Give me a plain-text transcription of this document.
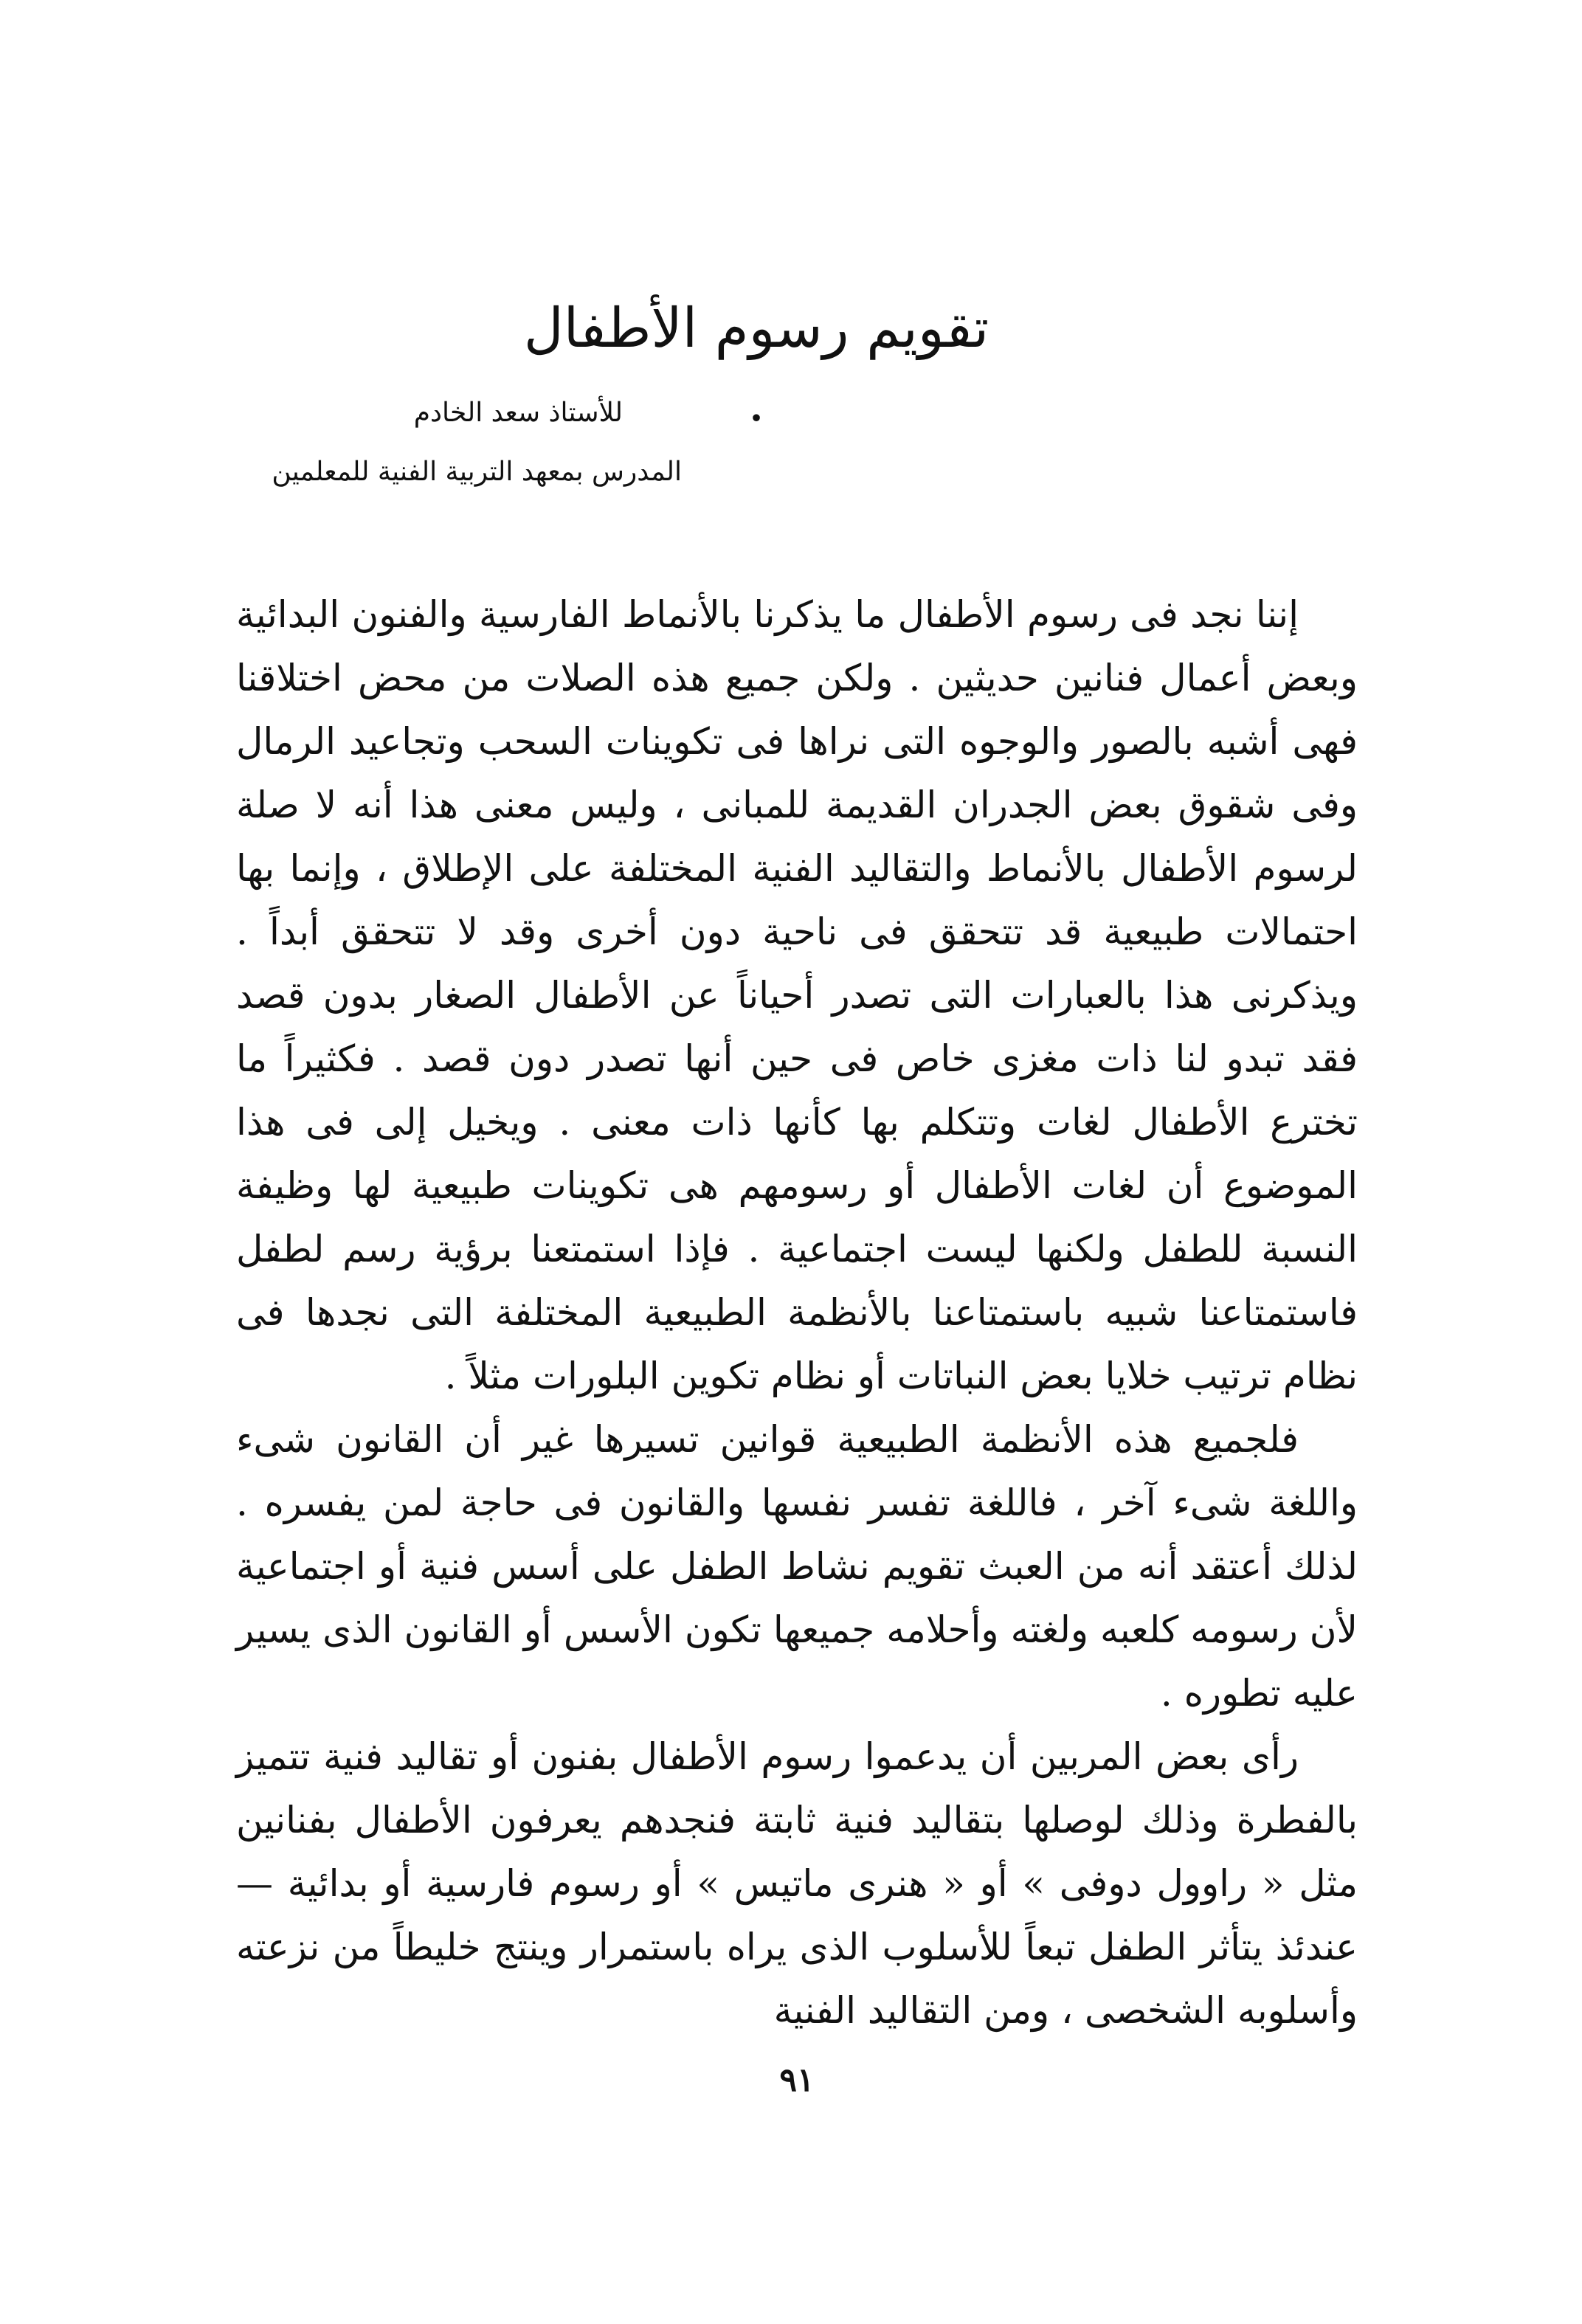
تقويم رسوم الأطفال .
للأستاذ سعد الخادم
المدرس بمعهد التربية الفنية للمعلمين

إننا نجد فى رسوم الأطفال ما يذكرنا بالأنماط الفارسية والفنون البدائية وبعض أعمال فنانين حديثين . ولكن جميع هذه الصلات من محض اختلاقنا فهى أشبه بالصور والوجوه التى نراها فى تكوينات السحب وتجاعيد الرمال وفى شقوق بعض الجدران القديمة للمبانى ، وليس معنى هذا أنه لا صلة لرسوم الأطفال بالأنماط والتقاليد الفنية المختلفة على الإطلاق ، وإنما بها احتمالات طبيعية قد تتحقق فى ناحية دون أخرى وقد لا تتحقق أبداً . ويذكرنى هذا بالعبارات التى تصدر أحياناً عن الأطفال الصغار بدون قصد فقد تبدو لنا ذات مغزى خاص فى حين أنها تصدر دون قصد . فكثيراً ما تخترع الأطفال لغات وتتكلم بها كأنها ذات معنى . ويخيل إلى فى هذا الموضوع أن لغات الأطفال أو رسومهم هى تكوينات طبيعية لها وظيفة النسبة للطفل ولكنها ليست اجتماعية . فإذا استمتعنا برؤية رسم لطفل فاستمتاعنا شبيه باستمتاعنا بالأنظمة الطبيعية المختلفة التى نجدها فى نظام ترتيب خلايا بعض النباتات أو نظام تكوين البلورات مثلاً .

فلجميع هذه الأنظمة الطبيعية قوانين تسيرها غير أن القانون شىء واللغة شىء آخر ، فاللغة تفسر نفسها والقانون فى حاجة لمن يفسره . لذلك أعتقد أنه من العبث تقويم نشاط الطفل على أسس فنية أو اجتماعية لأن رسومه كلعبه ولغته وأحلامه جميعها تكون الأسس أو القانون الذى يسير عليه تطوره .

رأى بعض المربين أن يدعموا رسوم الأطفال بفنون أو تقاليد فنية تتميز بالفطرة وذلك لوصلها بتقاليد فنية ثابتة فنجدهم يعرفون الأطفال بفنانين مثل « راوول دوفى » أو « هنرى ماتيس » أو رسوم فارسية أو بدائية — عندئذ يتأثر الطفل تبعاً للأسلوب الذى يراه باستمرار وينتج خليطاً من نزعته وأسلوبه الشخصى ، ومن التقاليد الفنية

٩١
